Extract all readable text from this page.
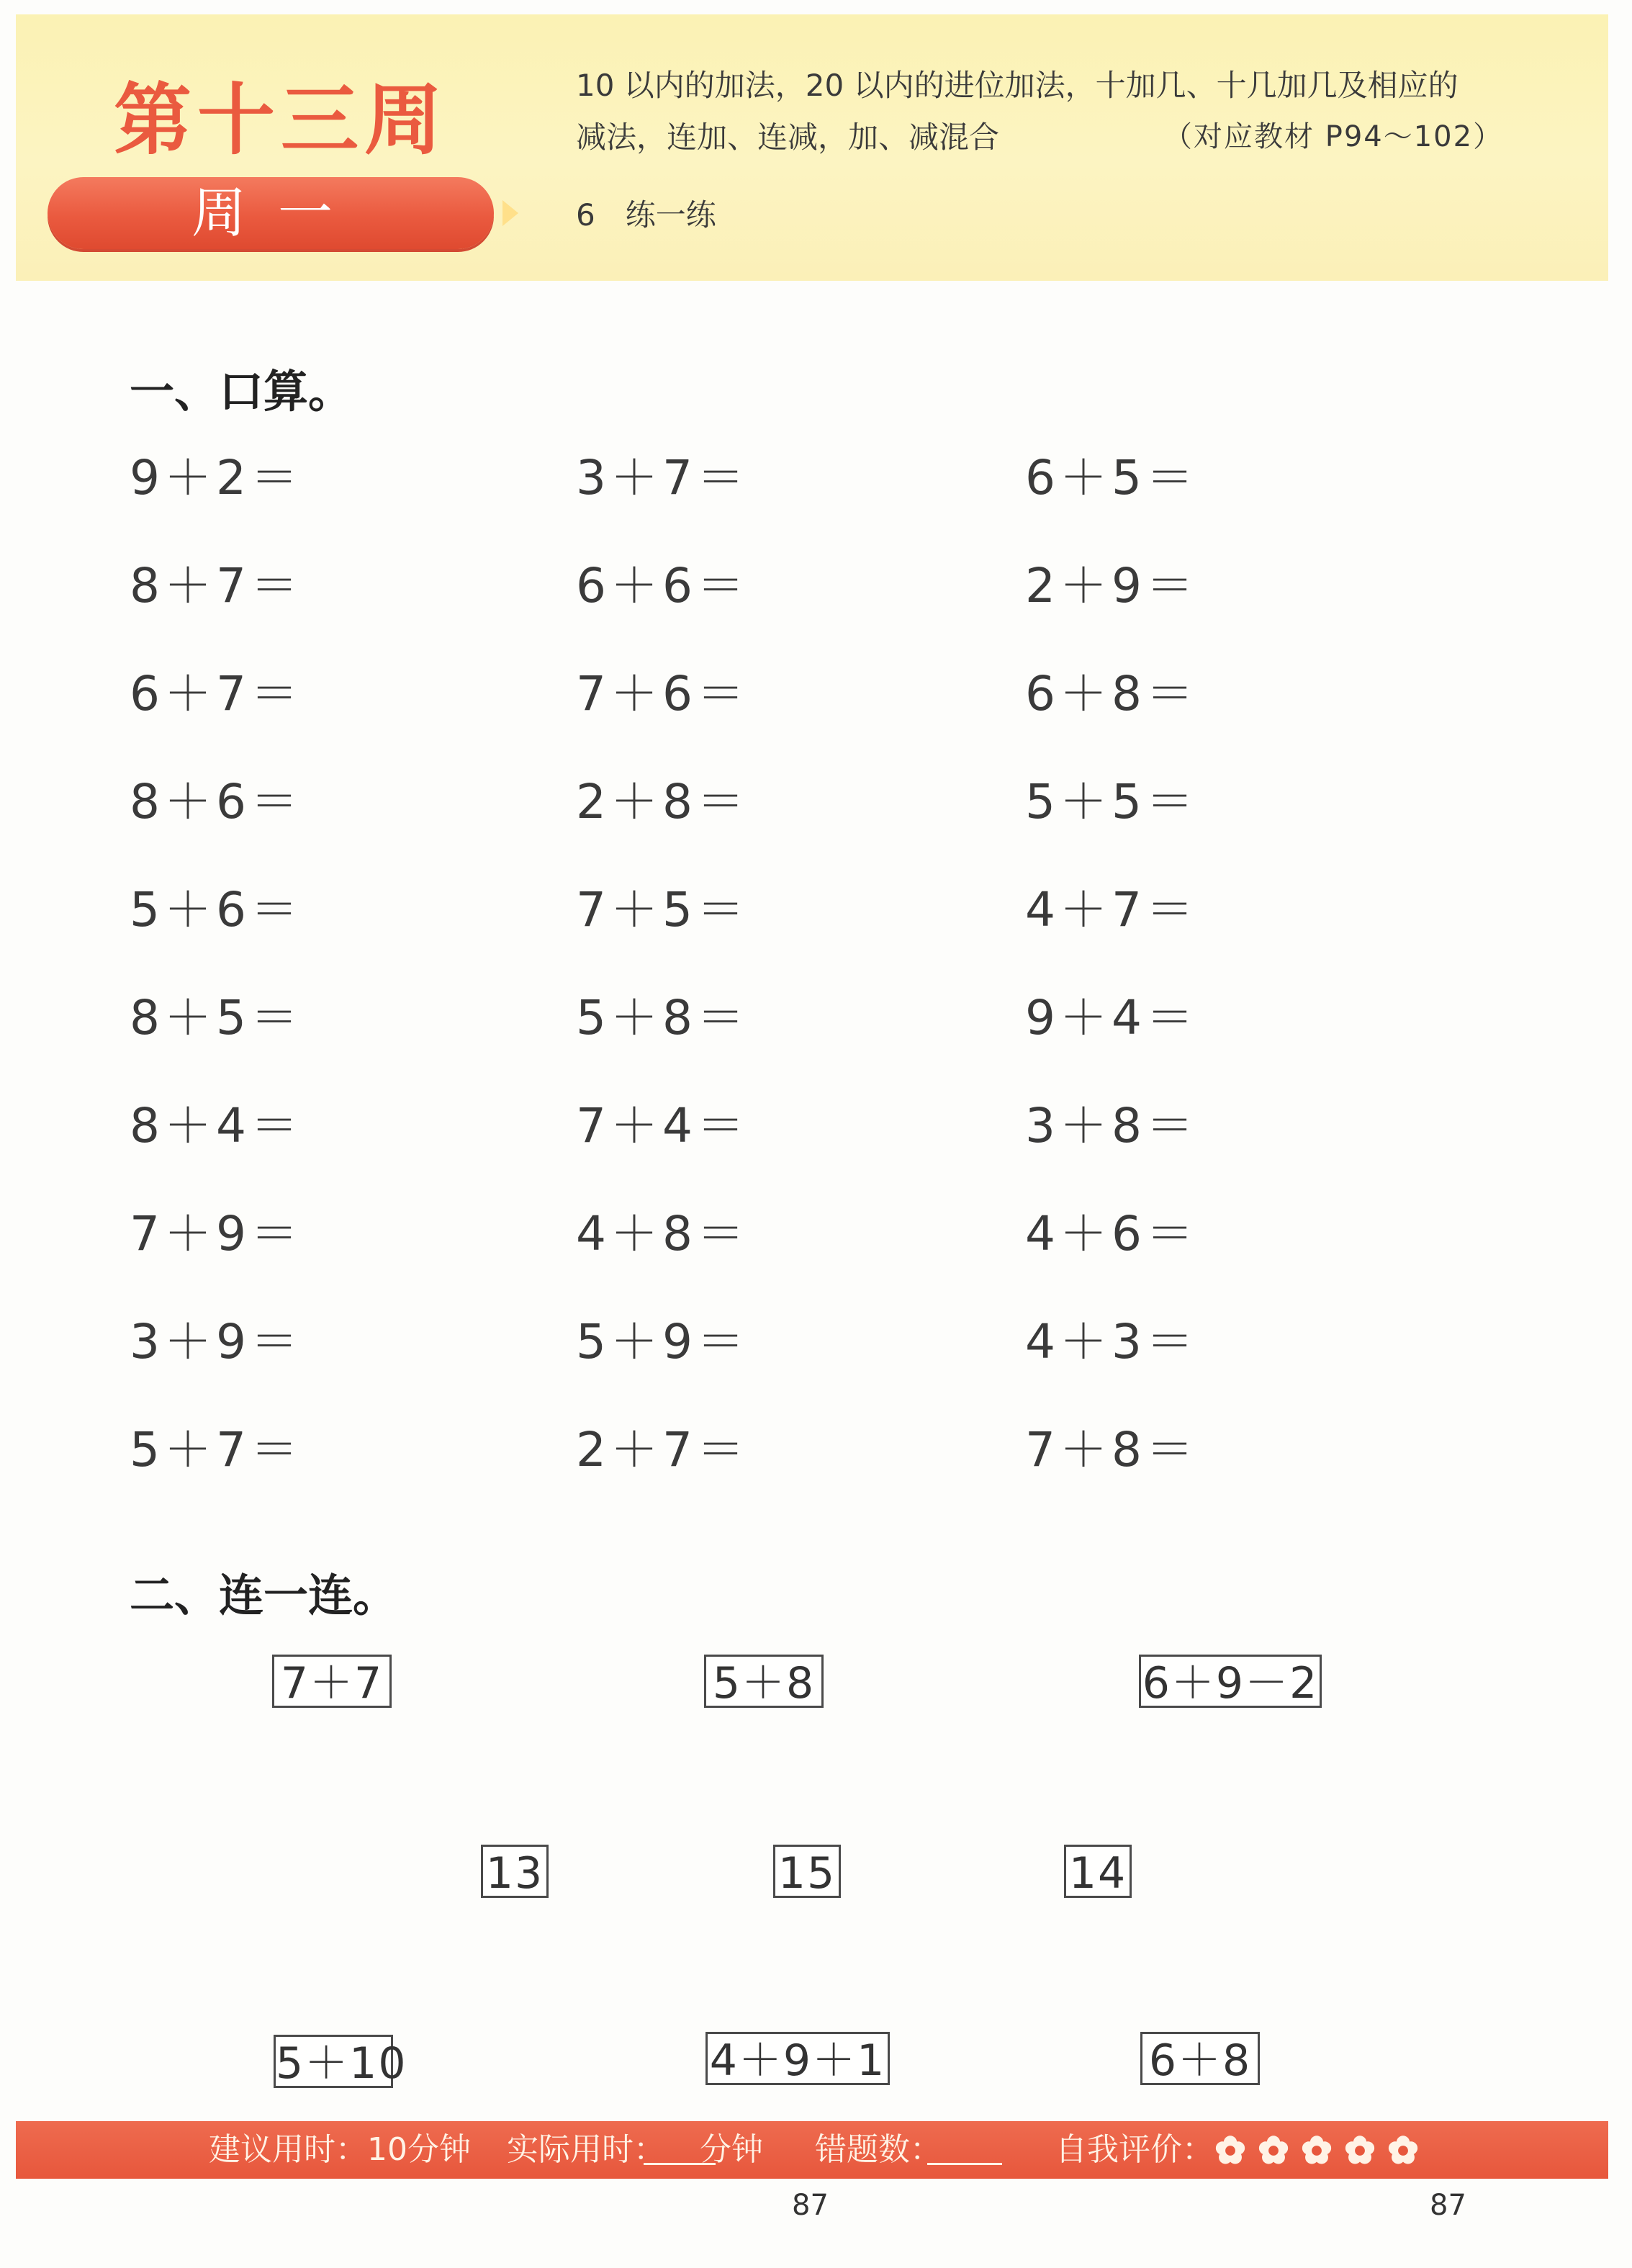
第十三周
周一
10 以内的加法，20 以内的进位加法，十加几、十几加几及相应的
减法，连加、连减，加、减混合	（对应教材 P94～102）
6　练一练
一、口算。
9＋2＝	3＋7＝	6＋5＝
8＋7＝	6＋6＝	2＋9＝
6＋7＝	7＋6＝	6＋8＝
8＋6＝	2＋8＝	5＋5＝
5＋6＝	7＋5＝	4＋7＝
8＋5＝	5＋8＝	9＋4＝
8＋4＝	7＋4＝	3＋8＝
7＋9＝	4＋8＝	4＋6＝
3＋9＝	5＋9＝	4＋3＝
5＋7＝	2＋7＝	7＋8＝
二、连一连。
7＋7	5＋8	6＋9－2
13	15	14
5＋10	4＋9＋1	6＋8
建议用时：10分钟 实际用时： 分钟 错题数：	自我评价：
87	87
